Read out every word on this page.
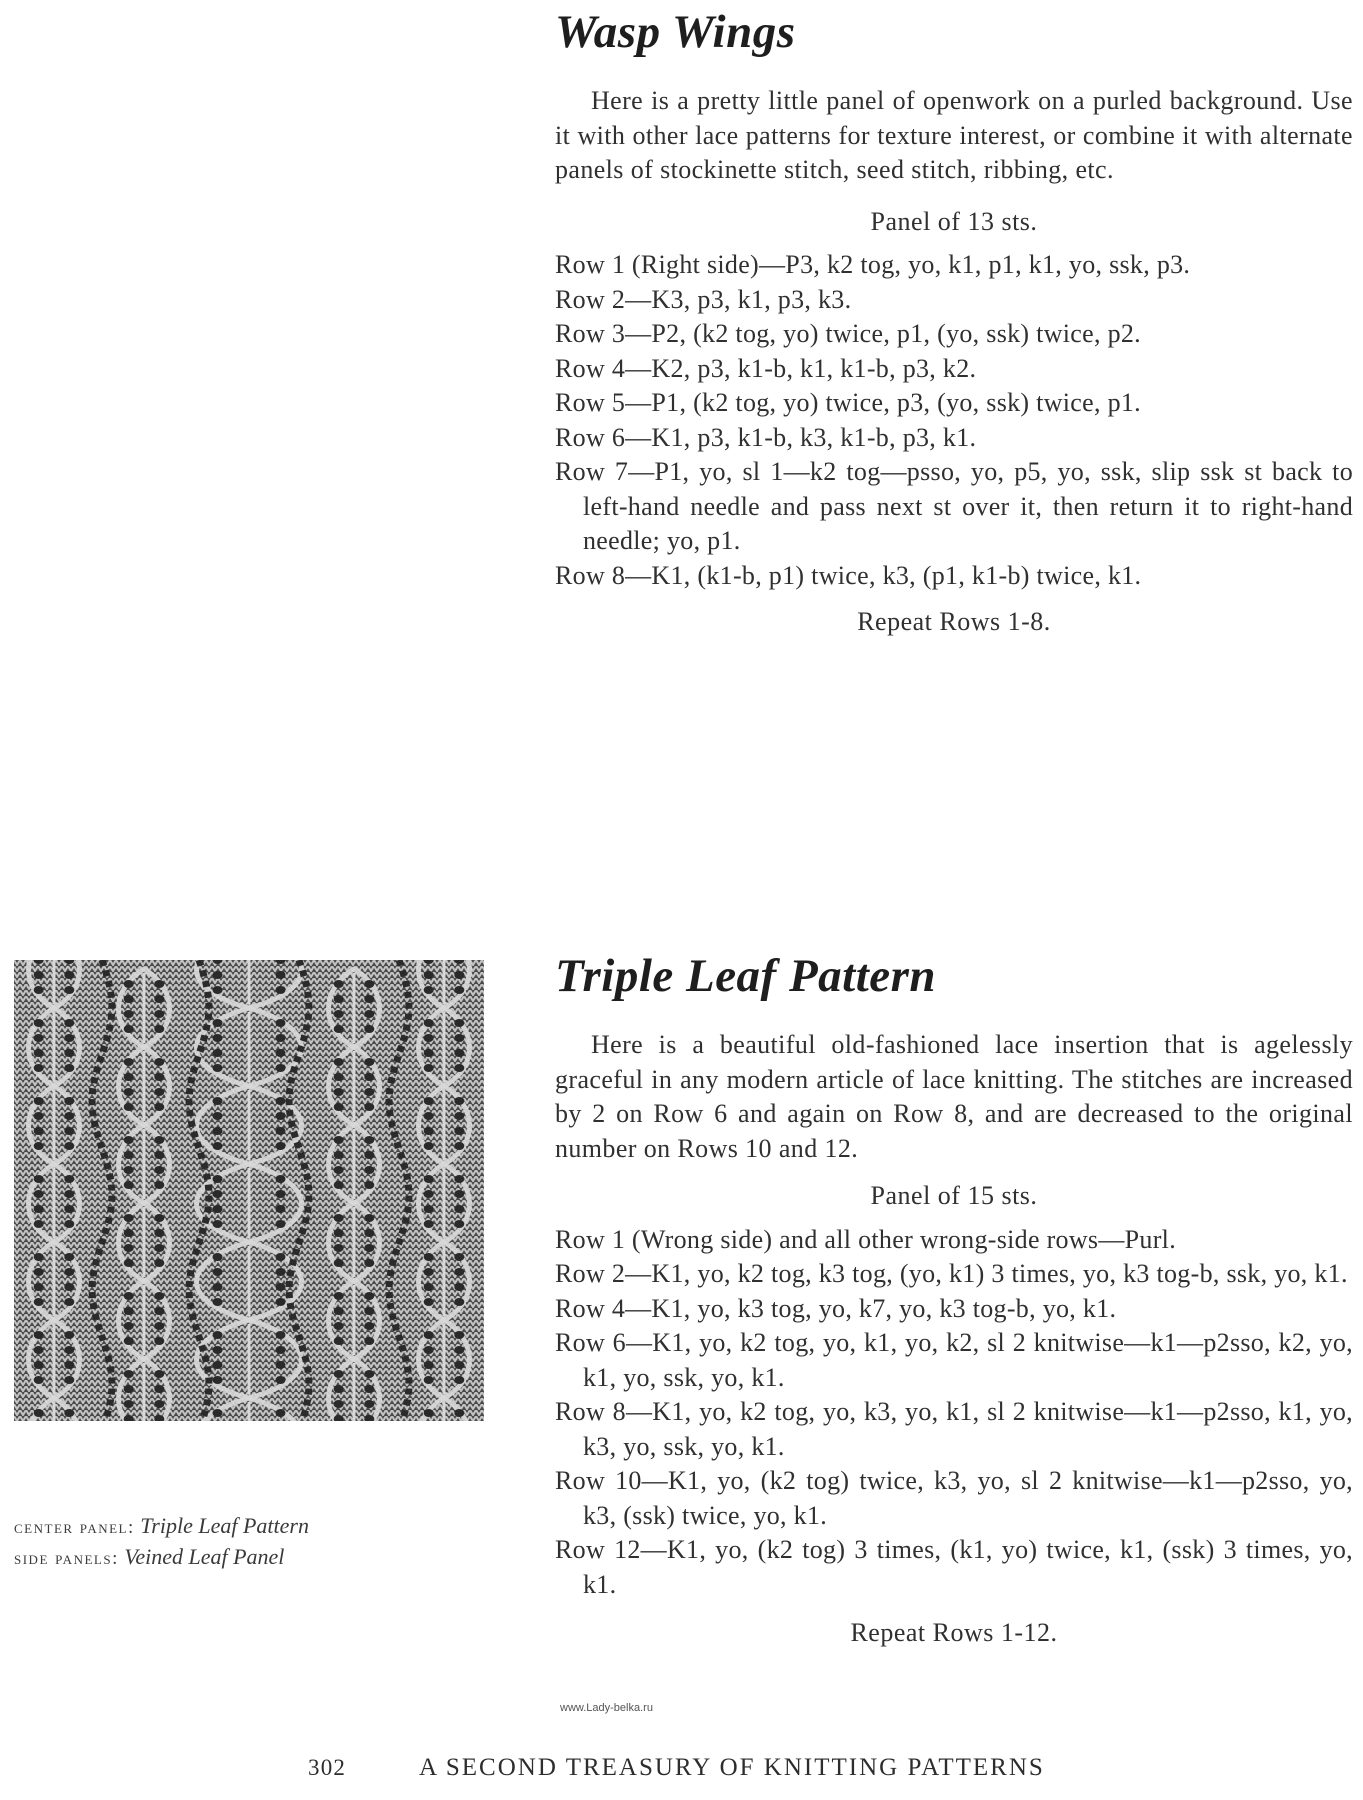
Wasp Wings

Here is a pretty little panel of openwork on a purled background. Use it with other lace patterns for texture interest, or combine it with alternate panels of stockinette stitch, seed stitch, ribbing, etc.

Panel of 13 sts.

Row 1 (Right side)—P3, k2 tog, yo, k1, p1, k1, yo, ssk, p3.
Row 2—K3, p3, k1, p3, k3.
Row 3—P2, (k2 tog, yo) twice, p1, (yo, ssk) twice, p2.
Row 4—K2, p3, k1-b, k1, k1-b, p3, k2.
Row 5—P1, (k2 tog, yo) twice, p3, (yo, ssk) twice, p1.
Row 6—K1, p3, k1-b, k3, k1-b, p3, k1.
Row 7—P1, yo, sl 1—k2 tog—psso, yo, p5, yo, ssk, slip ssk st back to left-hand needle and pass next st over it, then return it to right-hand needle; yo, p1.
Row 8—K1, (k1-b, p1) twice, k3, (p1, k1-b) twice, k1.

Repeat Rows 1-8.

center panel: Triple Leaf Pattern
side panels: Veined Leaf Panel
Triple Leaf Pattern

Here is a beautiful old-fashioned lace insertion that is agelessly graceful in any modern article of lace knitting. The stitches are increased by 2 on Row 6 and again on Row 8, and are decreased to the original number on Rows 10 and 12.

Panel of 15 sts.

Row 1 (Wrong side) and all other wrong-side rows—Purl.
Row 2—K1, yo, k2 tog, k3 tog, (yo, k1) 3 times, yo, k3 tog-b, ssk, yo, k1.
Row 4—K1, yo, k3 tog, yo, k7, yo, k3 tog-b, yo, k1.
Row 6—K1, yo, k2 tog, yo, k1, yo, k2, sl 2 knitwise—k1—p2sso, k2, yo, k1, yo, ssk, yo, k1.
Row 8—K1, yo, k2 tog, yo, k3, yo, k1, sl 2 knitwise—k1—p2sso, k1, yo, k3, yo, ssk, yo, k1.
Row 10—K1, yo, (k2 tog) twice, k3, yo, sl 2 knitwise—k1—p2sso, yo, k3, (ssk) twice, yo, k1.
Row 12—K1, yo, (k2 tog) 3 times, (k1, yo) twice, k1, (ssk) 3 times, yo, k1.

Repeat Rows 1-12.

www.Lady-belka.ru
302	A SECOND TREASURY OF KNITTING PATTERNS
